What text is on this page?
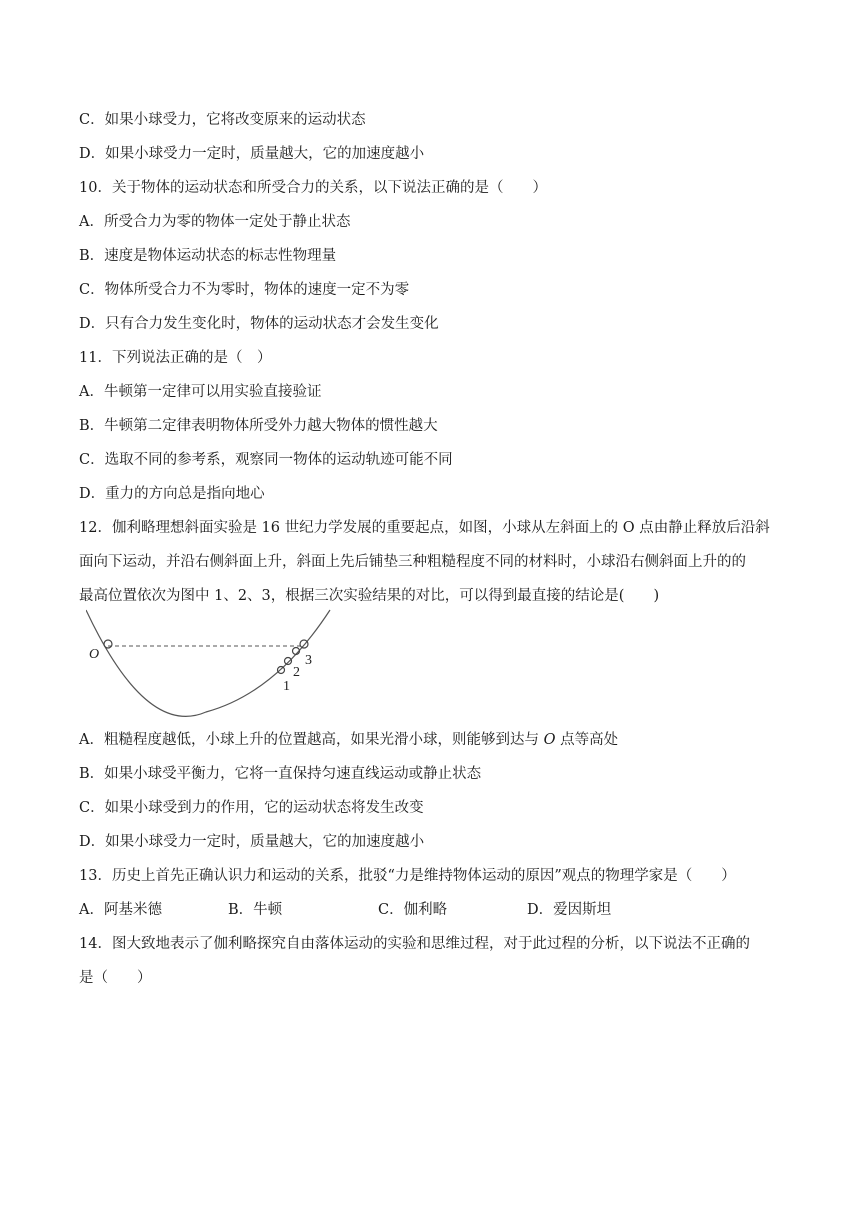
C．如果小球受力，它将改变原来的运动状态
D．如果小球受力一定时，质量越大，它的加速度越小
10．关于物体的运动状态和所受合力的关系，以下说法正确的是（　　）
A．所受合力为零的物体一定处于静止状态
B．速度是物体运动状态的标志性物理量
C．物体所受合力不为零时，物体的速度一定不为零
D．只有合力发生变化时，物体的运动状态才会发生变化
11．下列说法正确的是（　）
A．牛顿第一定律可以用实验直接验证
B．牛顿第二定律表明物体所受外力越大物体的惯性越大
C．选取不同的参考系，观察同一物体的运动轨迹可能不同
D．重力的方向总是指向地心
12．伽利略理想斜面实验是 16 世纪力学发展的重要起点，如图，小球从左斜面上的 O 点由静止释放后沿斜
面向下运动，并沿右侧斜面上升，斜面上先后铺垫三种粗糙程度不同的材料时，小球沿右侧斜面上升的的
最高位置依次为图中 1、2、3，根据三次实验结果的对比，可以得到最直接的结论是(　　)
O
1
2
3
A．粗糙程度越低，小球上升的位置越高，如果光滑小球，则能够到达与 O 点等高处
B．如果小球受平衡力，它将一直保持匀速直线运动或静止状态
C．如果小球受到力的作用，它的运动状态将发生改变
D．如果小球受力一定时，质量越大，它的加速度越小
13．历史上首先正确认识力和运动的关系，批驳“力是维持物体运动的原因”观点的物理学家是（　　）
A．阿基米德	B．牛顿	C．伽利略	D．爱因斯坦
14．图大致地表示了伽利略探究自由落体运动的实验和思维过程，对于此过程的分析，以下说法不正确的
是（　　）
